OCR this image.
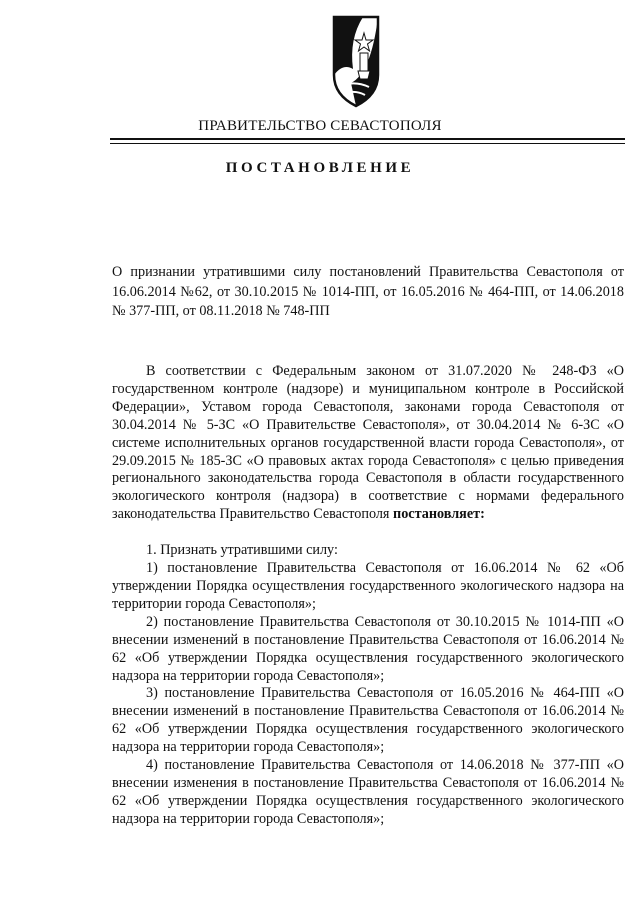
ПРАВИТЕЛЬСТВО СЕВАСТОПОЛЯ
ПОСТАНОВЛЕНИЕ
О признании утратившими силу постановлений Правительства Севастополя от 16.06.2014 №62, от 30.10.2015 № 1014-ПП, от 16.05.2016 № 464-ПП, от 14.06.2018 № 377-ПП, от 08.11.2018 № 748-ПП

В соответствии с Федеральным законом от 31.07.2020 № 248-ФЗ «О государственном контроле (надзоре) и муниципальном контроле в Российской Федерации», Уставом города Севастополя, законами города Севастополя от 30.04.2014 № 5-ЗС «О Правительстве Севастополя», от 30.04.2014 № 6-ЗС «О системе исполнительных органов государственной власти города Севастополя», от 29.09.2015 № 185-ЗС «О правовых актах города Севастополя» с целью приведения регионального законодательства города Севастополя в области государственного экологического контроля (надзора) в соответствие с нормами федерального законодательства Правительство Севастополя постановляет:

1. Признать утратившими силу:

1) постановление Правительства Севастополя от 16.06.2014 № 62 «Об утверждении Порядка осуществления государственного экологического надзора на территории города Севастополя»;

2) постановление Правительства Севастополя от 30.10.2015 № 1014-ПП «О внесении изменений в постановление Правительства Севастополя от 16.06.2014 № 62 «Об утверждении Порядка осуществления государственного экологического надзора на территории города Севастополя»;

3) постановление Правительства Севастополя от 16.05.2016 № 464-ПП «О внесении изменений в постановление Правительства Севастополя от 16.06.2014 № 62 «Об утверждении Порядка осуществления государственного экологического надзора на территории города Севастополя»;

4) постановление Правительства Севастополя от 14.06.2018 № 377-ПП «О внесении изменения в постановление Правительства Севастополя от 16.06.2014 № 62 «Об утверждении Порядка осуществления государственного экологического надзора на территории города Севастополя»;
